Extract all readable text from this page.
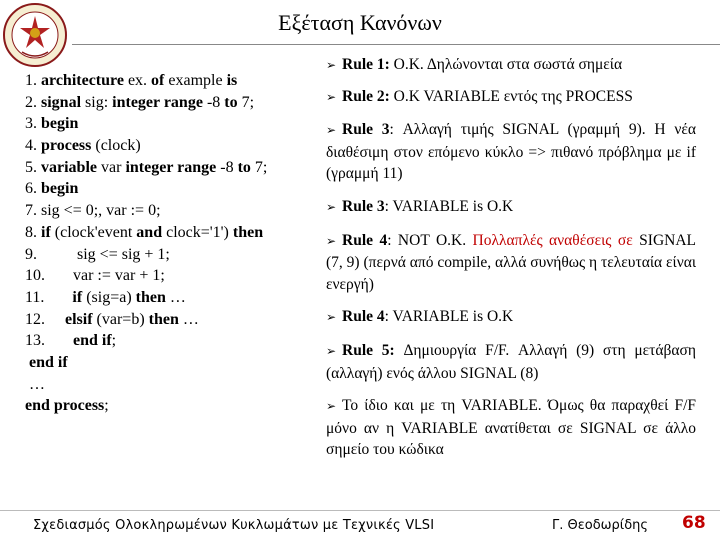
Εξέταση Κανόνων
1. architecture ex. of example is
2. signal sig: integer range -8 to 7;
3. begin
4. process (clock)
5. variable var integer range -8 to 7;
6. begin
7. sig <= 0;, var := 0;
8. if (clock'event and clock='1') then
9.          sig <= sig + 1;
10.       var := var + 1;
11.       if (sig=a) then …
12.     elsif (var=b) then …
13.       end if;
end if
…
end process;
➢ Rule 1: Ο.Κ. Δηλώνονται στα σωστά σημεία
➢ Rule 2: O.K VARIABLE εντός της PROCESS
➢ Rule 3: Αλλαγή τιμής SIGNAL (γραμμή 9). Η νέα διαθέσιμη στον επόμενο κύκλο => πιθανό πρόβλημα με if (γραμμή 11)
➢ Rule 3: VARIABLE is O.K
➢ Rule 4: NOT O.K. Πολλαπλές αναθέσεις σε SIGNAL (7, 9) (περνά από compile, αλλά συνήθως η τελευταία είναι ενεργή)
➢ Rule 4: VARIABLE is O.K
➢ Rule 5: Δημιουργία F/F. Αλλαγή (9) στη μετάβαση (αλλαγή) ενός άλλου SIGNAL (8)
➢ Το ίδιο και με τη VARIABLE. Όμως θα παραχθεί F/F μόνο αν η VARIABLE ανατίθεται σε SIGNAL σε άλλο σημείο του κώδικα
Σχεδιασμός Ολοκληρωμένων Κυκλωμάτων με Τεχνικές VLSI	Γ. Θεοδωρίδης 68
